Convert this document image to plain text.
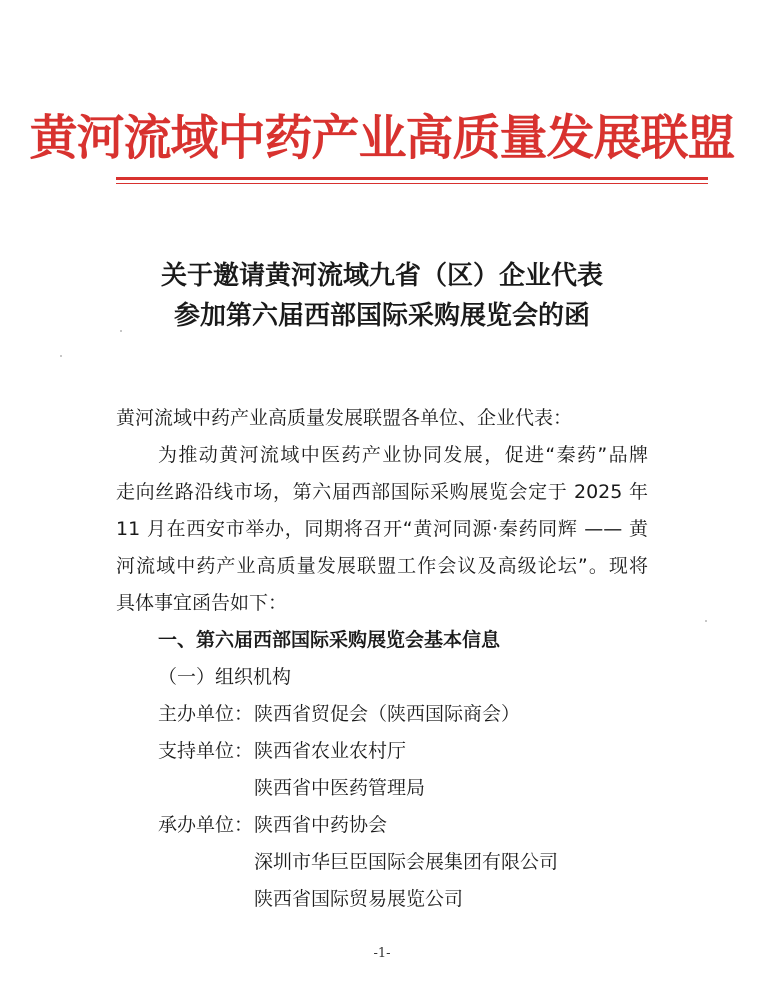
黄河流域中药产业高质量发展联盟
关于邀请黄河流域九省（区）企业代表
参加第六届西部国际采购展览会的函
黄河流域中药产业高质量发展联盟各单位、企业代表：
为推动黄河流域中医药产业协同发展，促进“秦药”品牌
走向丝路沿线市场，第六届西部国际采购展览会定于 2025 年
11 月在西安市举办，同期将召开“黄河同源·秦药同辉 —— 黄
河流域中药产业高质量发展联盟工作会议及高级论坛”。现将
具体事宜函告如下：
一、第六届西部国际采购展览会基本信息
（一）组织机构
主办单位： 陕西省贸促会（陕西国际商会）
支持单位： 陕西省农业农村厅
陕西省中医药管理局
承办单位： 陕西省中药协会
深圳市华巨臣国际会展集团有限公司
陕西省国际贸易展览公司
-1-
